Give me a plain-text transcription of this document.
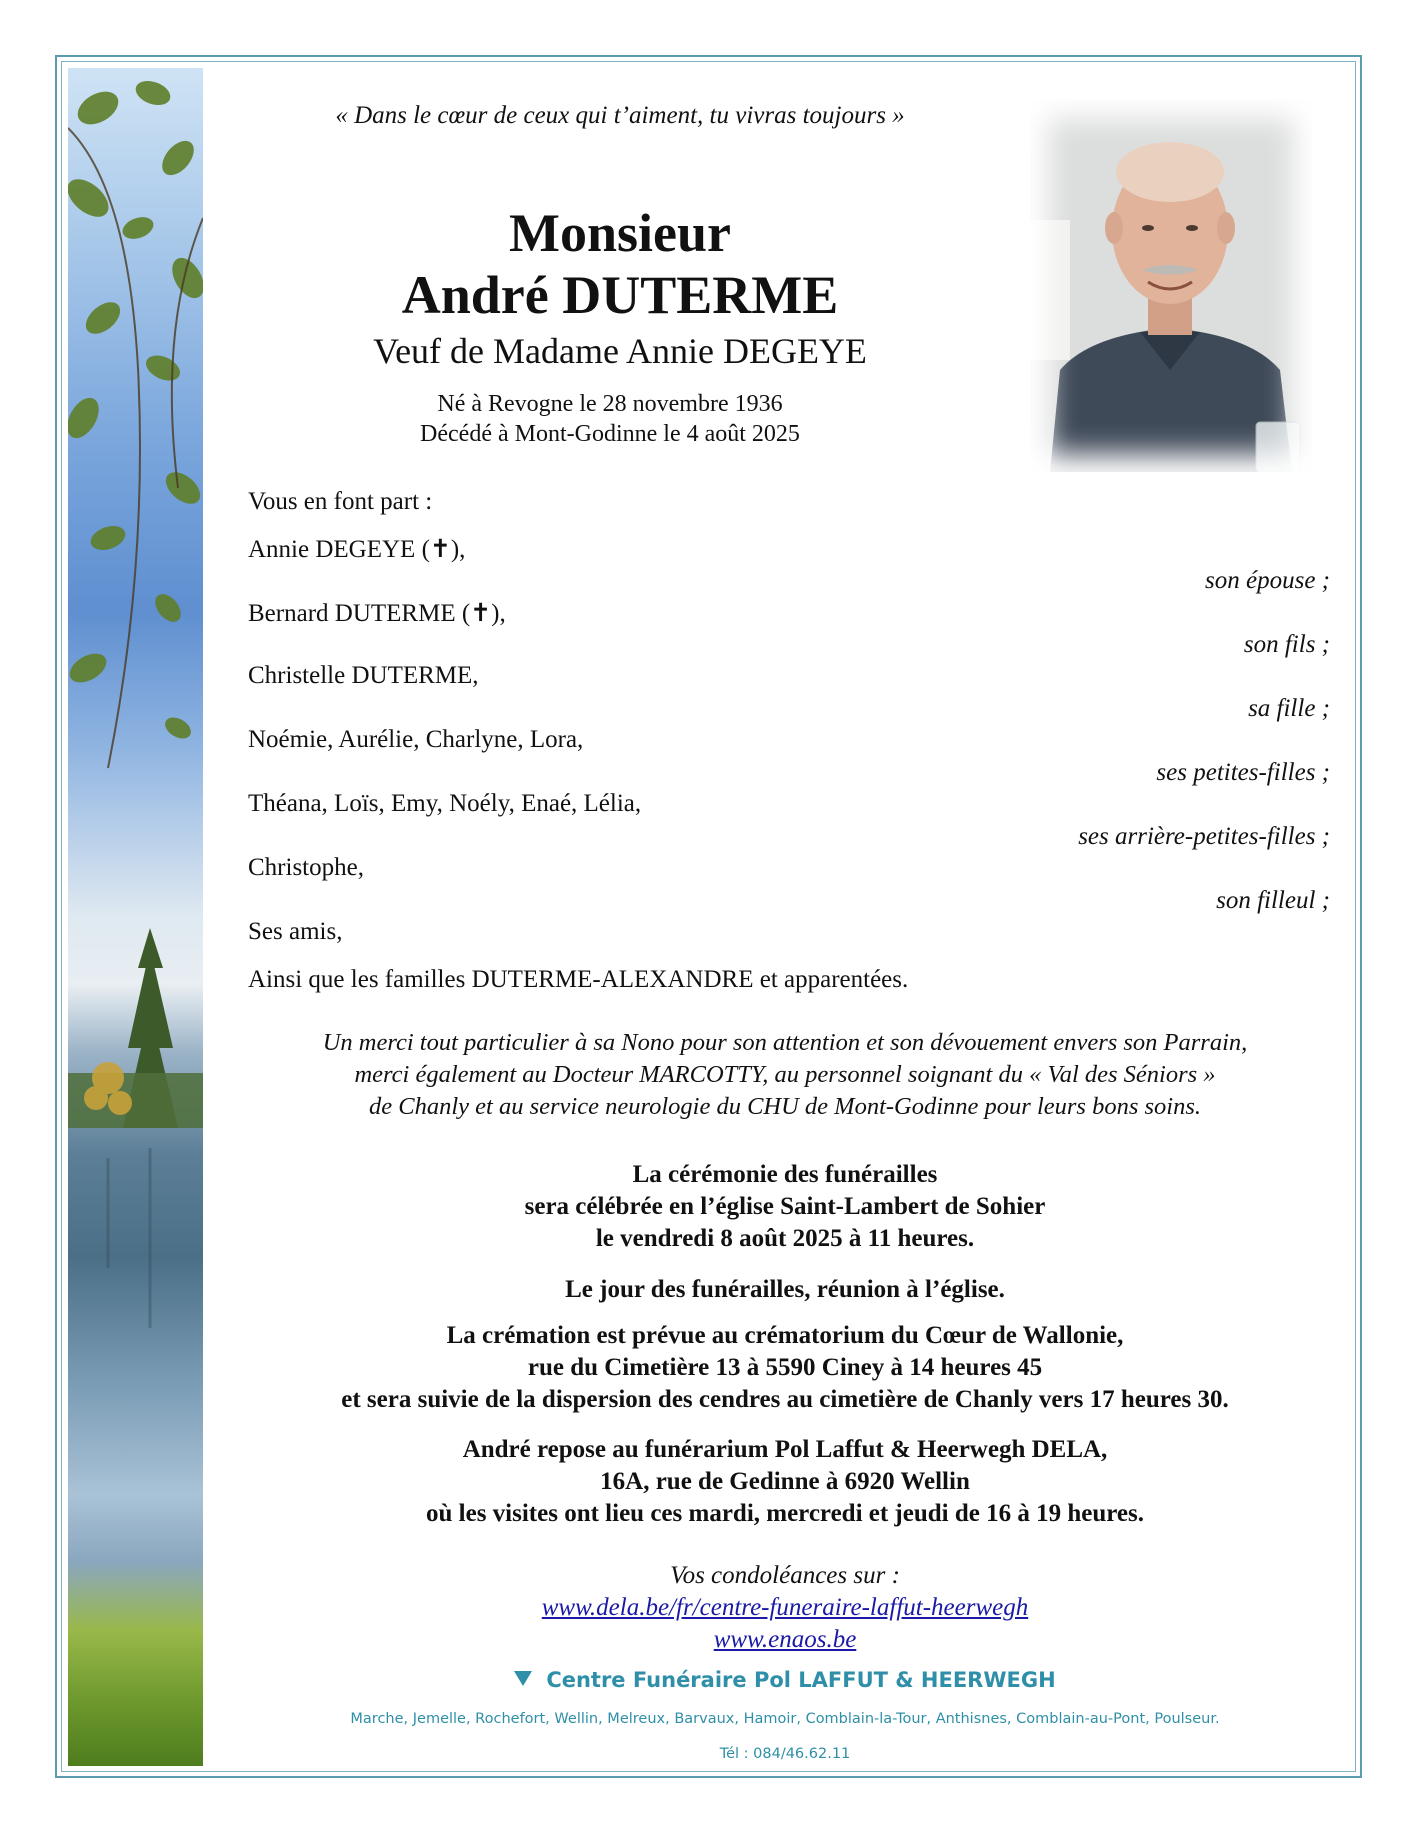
« Dans le cœur de ceux qui t’aiment, tu vivras toujours »

Monsieur

André DUTERME

Veuf de Madame Annie DEGEYE

Né à Revogne le 28 novembre 1936

Décédé à Mont-Godinne le 4 août 2025

Vous en font part :

Annie DEGEYE (✝),

son épouse ;

Bernard DUTERME (✝),

son fils ;

Christelle DUTERME,

sa fille ;

Noémie, Aurélie, Charlyne, Lora,

ses petites-filles ;

Théana, Loïs, Emy, Noély, Enaé, Lélia,

ses arrière-petites-filles ;

Christophe,

son filleul ;

Ses amis,

Ainsi que les familles DUTERME-ALEXANDRE et apparentées.

Un merci tout particulier à sa Nono pour son attention et son dévouement envers son Parrain,

merci également au Docteur MARCOTTY, au personnel soignant du « Val des Séniors »

de Chanly et au service neurologie du CHU de Mont-Godinne pour leurs bons soins.

La cérémonie des funérailles

sera célébrée en l’église Saint-Lambert de Sohier

le vendredi 8 août 2025 à 11 heures.

Le jour des funérailles, réunion à l’église.

La crémation est prévue au crématorium du Cœur de Wallonie,

rue du Cimetière 13 à 5590 Ciney à 14 heures 45

et sera suivie de la dispersion des cendres au cimetière de Chanly vers 17 heures 30.

André repose au funérarium Pol Laffut & Heerwegh DELA,

16A, rue de Gedinne à 6920 Wellin

où les visites ont lieu ces mardi, mercredi et jeudi de 16 à 19 heures.

Vos condoléances sur :

www.dela.be/fr/centre-funeraire-laffut-heerwegh

www.enaos.be

Centre Funéraire Pol LAFFUT & HEERWEGH

Marche, Jemelle, Rochefort, Wellin, Melreux, Barvaux, Hamoir, Comblain-la-Tour, Anthisnes, Comblain-au-Pont, Poulseur.

Tél : 084/46.62.11
